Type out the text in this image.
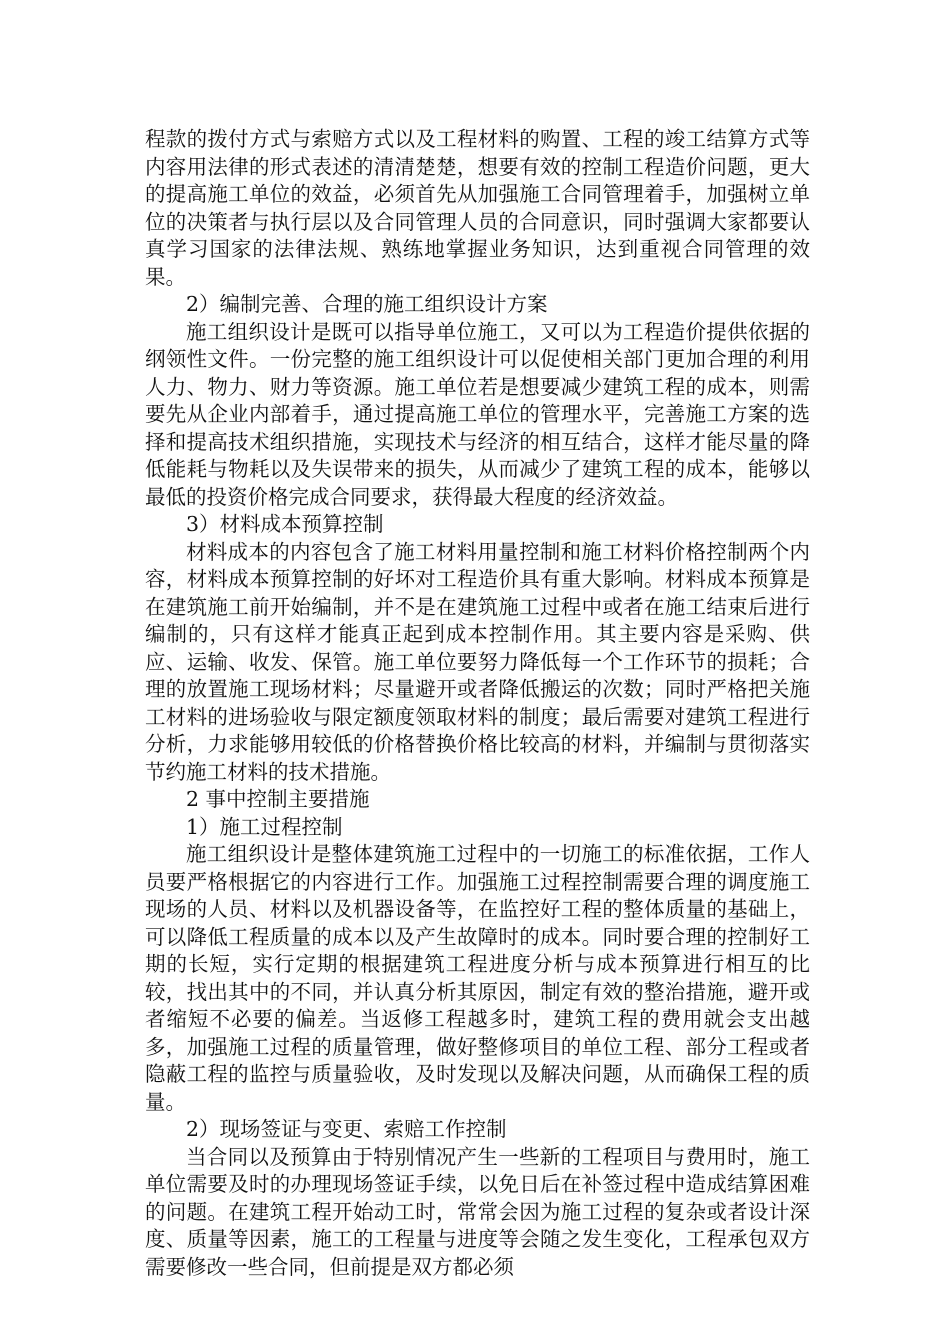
程款的拨付方式与索赔方式以及工程材料的购置、工程的竣工结算方式等内容用法律的形式表述的清清楚楚，想要有效的控制工程造价问题，更大的提高施工单位的效益，必须首先从加强施工合同管理着手，加强树立单位的决策者与执行层以及合同管理人员的合同意识，同时强调大家都要认真学习国家的法律法规、熟练地掌握业务知识，达到重视合同管理的效果。

2）编制完善、合理的施工组织设计方案

施工组织设计是既可以指导单位施工，又可以为工程造价提供依据的纲领性文件。一份完整的施工组织设计可以促使相关部门更加合理的利用人力、物力、财力等资源。施工单位若是想要减少建筑工程的成本，则需要先从企业内部着手，通过提高施工单位的管理水平，完善施工方案的选择和提高技术组织措施，实现技术与经济的相互结合，这样才能尽量的降低能耗与物耗以及失误带来的损失，从而减少了建筑工程的成本，能够以最低的投资价格完成合同要求，获得最大程度的经济效益。

3）材料成本预算控制

材料成本的内容包含了施工材料用量控制和施工材料价格控制两个内容，材料成本预算控制的好坏对工程造价具有重大影响。材料成本预算是在建筑施工前开始编制，并不是在建筑施工过程中或者在施工结束后进行编制的，只有这样才能真正起到成本控制作用。其主要内容是采购、供应、运输、收发、保管。施工单位要努力降低每一个工作环节的损耗；合理的放置施工现场材料；尽量避开或者降低搬运的次数；同时严格把关施工材料的进场验收与限定额度领取材料的制度；最后需要对建筑工程进行分析，力求能够用较低的价格替换价格比较高的材料，并编制与贯彻落实节约施工材料的技术措施。

2 事中控制主要措施

1）施工过程控制

施工组织设计是整体建筑施工过程中的一切施工的标准依据，工作人员要严格根据它的内容进行工作。加强施工过程控制需要合理的调度施工现场的人员、材料以及机器设备等，在监控好工程的整体质量的基础上，可以降低工程质量的成本以及产生故障时的成本。同时要合理的控制好工期的长短，实行定期的根据建筑工程进度分析与成本预算进行相互的比较，找出其中的不同，并认真分析其原因，制定有效的整治措施，避开或者缩短不必要的偏差。当返修工程越多时，建筑工程的费用就会支出越多，加强施工过程的质量管理，做好整修项目的单位工程、部分工程或者隐蔽工程的监控与质量验收，及时发现以及解决问题，从而确保工程的质量。

2）现场签证与变更、索赔工作控制

当合同以及预算由于特别情况产生一些新的工程项目与费用时，施工单位需要及时的办理现场签证手续，以免日后在补签过程中造成结算困难的问题。在建筑工程开始动工时，常常会因为施工过程的复杂或者设计深度、质量等因素，施工的工程量与进度等会随之发生变化，工程承包双方需要修改一些合同，但前提是双方都必须
